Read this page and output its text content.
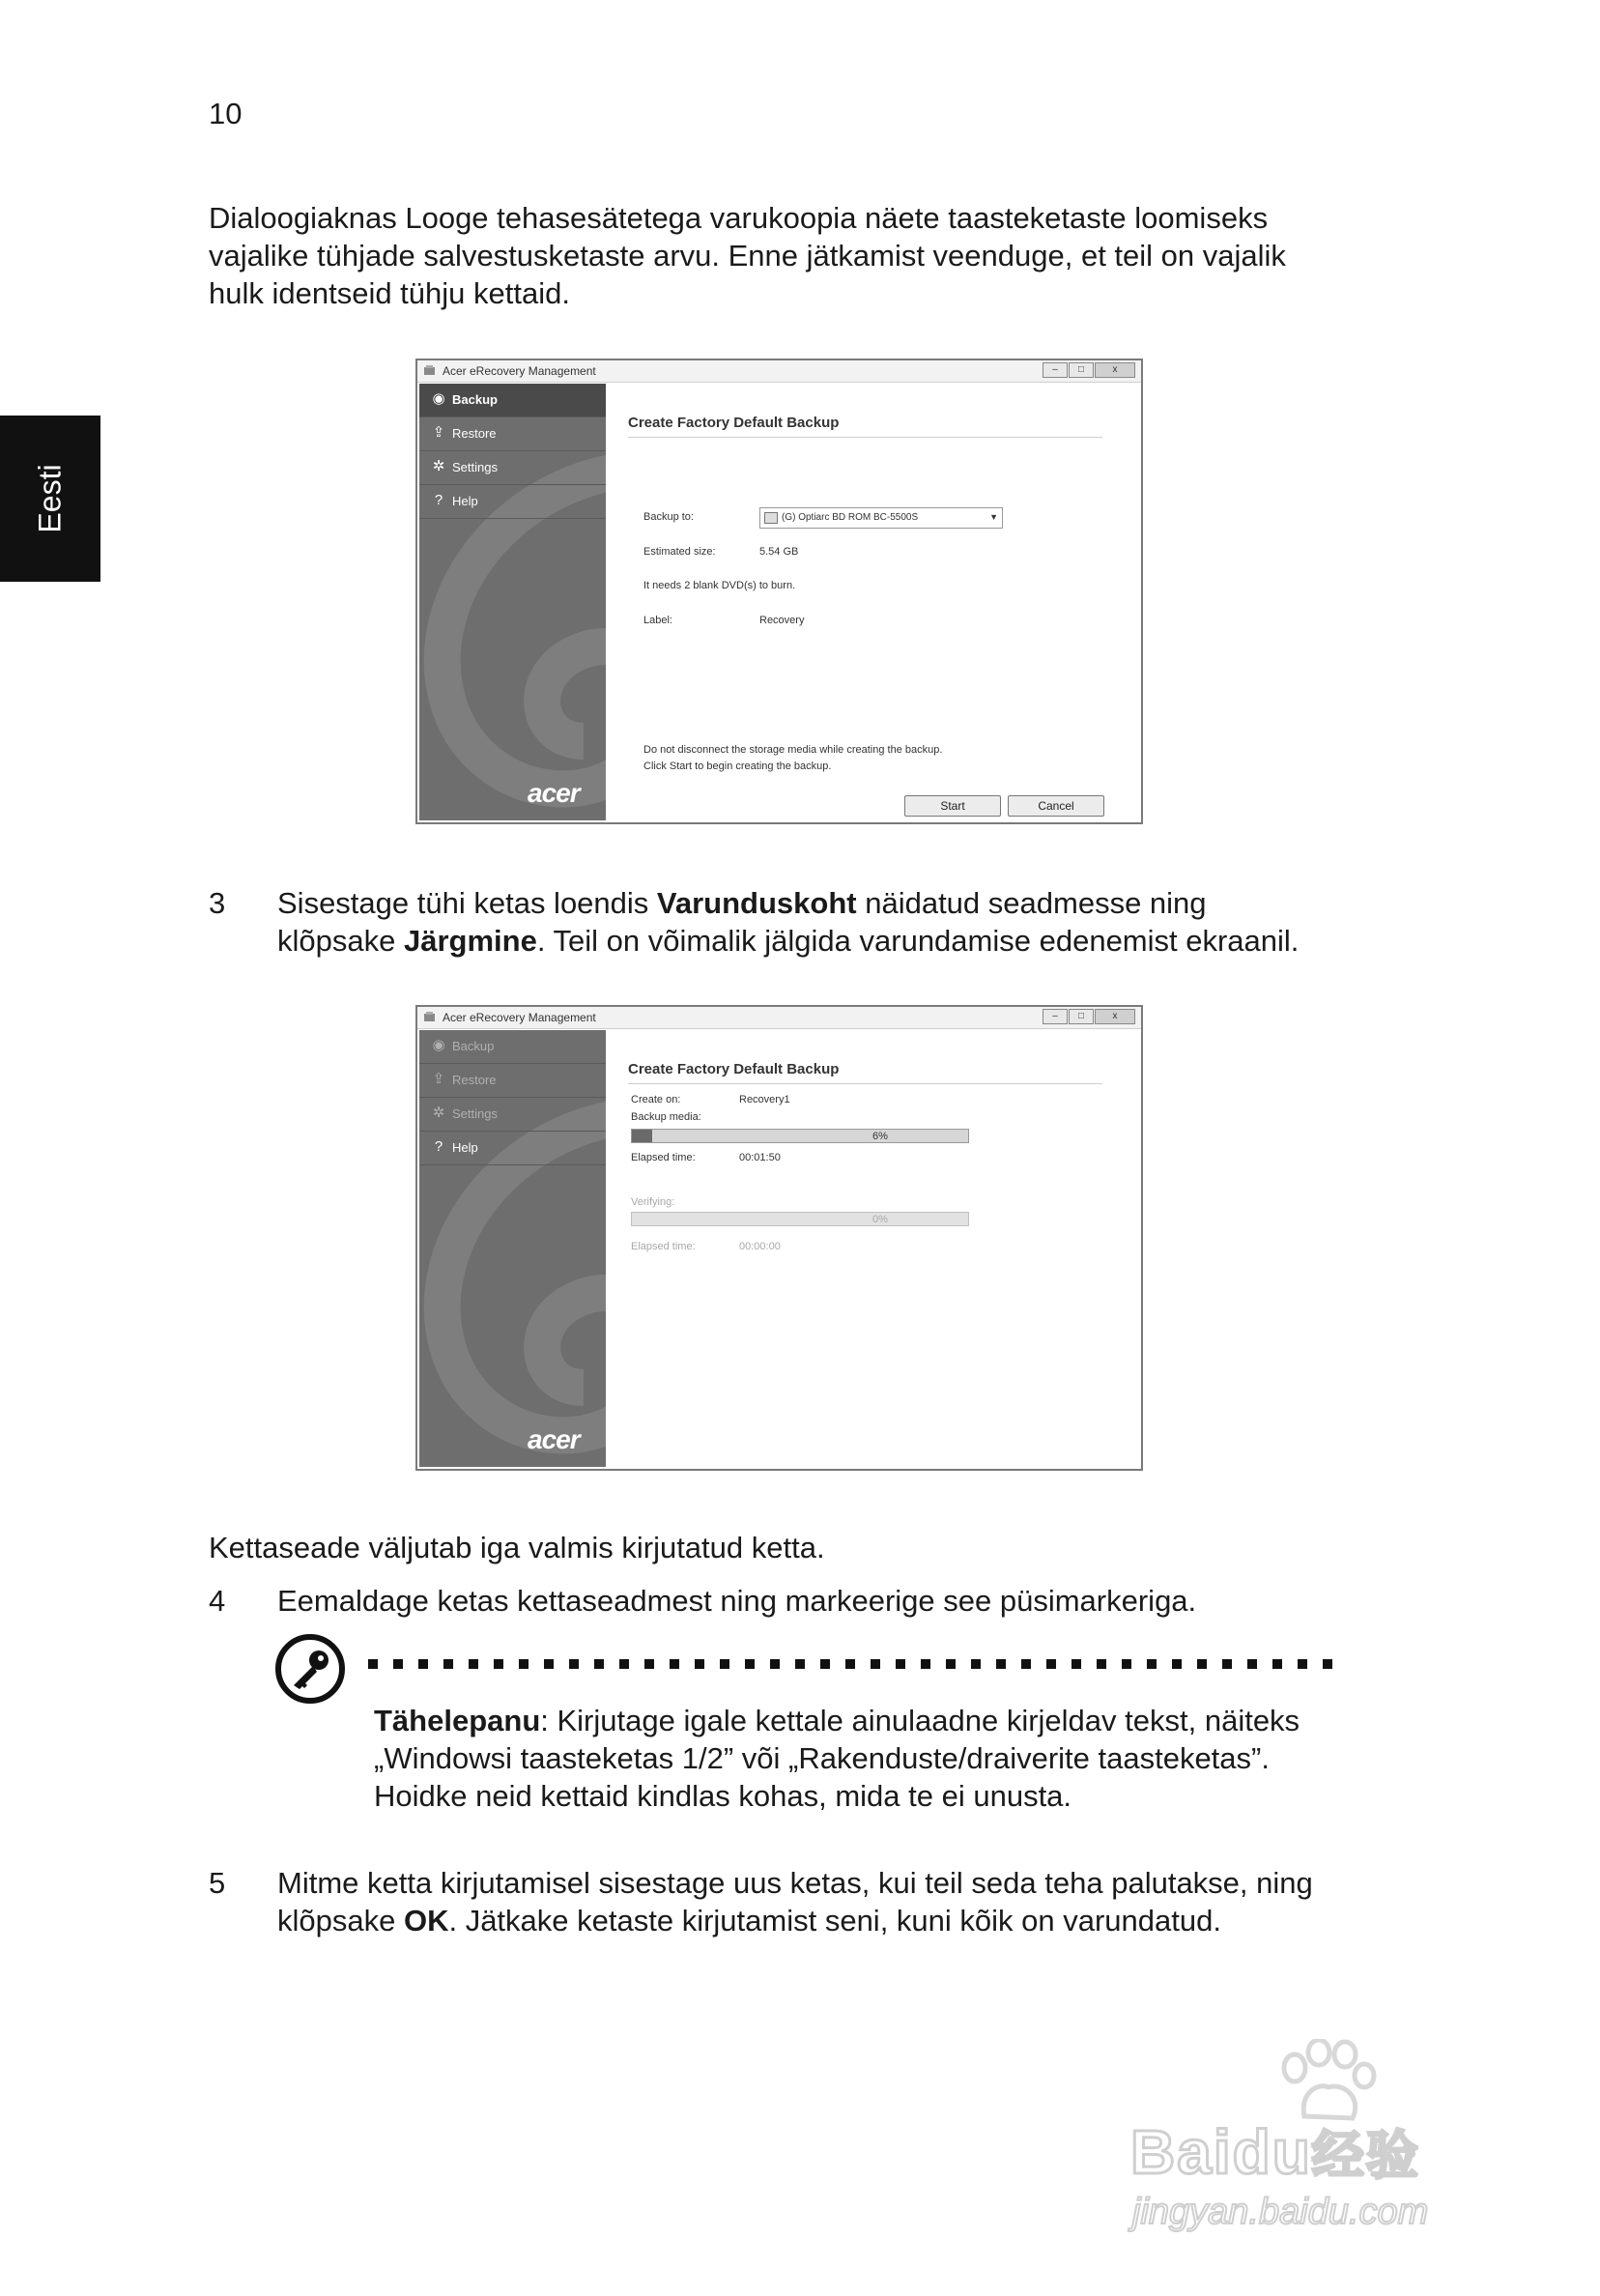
10
Eesti
Dialoogiaknas Looge tehasesätetega varukoopia näete taasteketaste loomiseks
vajalike tühjade salvestusketaste arvu. Enne jätkamist veenduge, et teil on vajalik
hulk identseid tühju kettaid.
Acer eRecovery Management	–	□	x
◉ Backup
⇪ Restore
✲ Settings
? Help
acer
Create Factory Default Backup
Backup to:	(G) Optiarc BD ROM BC-5500S	▼
Estimated size:	5.54 GB
It needs 2 blank DVD(s) to burn.
Label:	Recovery
Do not disconnect the storage media while creating the backup.
Click Start to begin creating the backup.
Start	Cancel
3 Sisestage tühi ketas loendis Varunduskoht näidatud seadmesse ning
klõpsake Järgmine. Teil on võimalik jälgida varundamise edenemist ekraanil.
Acer eRecovery Management	–	□	x
◉ Backup
⇪ Restore
✲ Settings
? Help
acer
Create Factory Default Backup
Create on:	Recovery1
Backup media:
6%
Elapsed time:	00:01:50
Verifying:
0%
Elapsed time:	00:00:00
Kettaseade väljutab iga valmis kirjutatud ketta.
4 Eemaldage ketas kettaseadmest ning markeerige see püsimarkeriga.
Tähelepanu: Kirjutage igale kettale ainulaadne kirjeldav tekst, näiteks
„Windowsi taasteketas 1/2” või „Rakenduste/draiverite taasteketas”.
Hoidke neid kettaid kindlas kohas, mida te ei unusta.
5 Mitme ketta kirjutamisel sisestage uus ketas, kui teil seda teha palutakse, ning
klõpsake OK. Jätkake ketaste kirjutamist seni, kuni kõik on varundatud.
Baidu经验
jingyan.baidu.com
